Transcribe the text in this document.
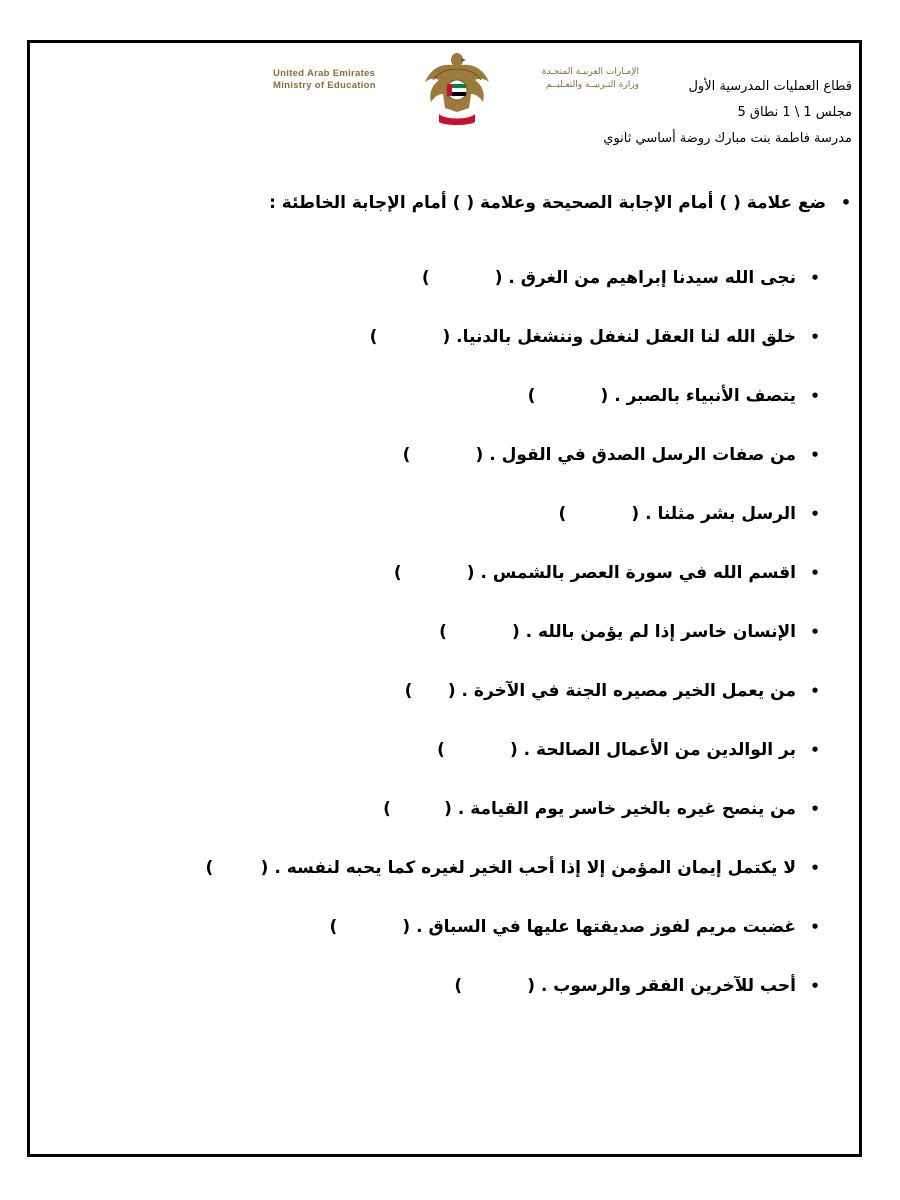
United Arab Emirates
Ministry of Education
الإمـارات العربيـة المتحـدة
وزارة التـربيــة والتعـليــم	قطاع العمليات المدرسية الأول
مجلس 1 \ 1 نطاق 5
مدرسة فاطمة بنت مبارك روضة أساسي ثانوي
• ضع علامة ( ) أمام الإجابة الصحيحة وعلامة ( ) أمام الإجابة الخاطئة :
•
نجى الله سيدنا إبراهيم من الغرق . (
)
•
خلق الله لنا العقل لنغفل وننشغل بالدنيا. (
)
•
يتصف الأنبياء بالصبر . (
)
•
من صفات الرسل الصدق في القول . (
)
•
الرسل بشر مثلنا . (
)
•
اقسم الله في سورة العصر بالشمس . (
)
•
الإنسان خاسر إذا لم يؤمن بالله . (
)
•
من يعمل الخير مصيره الجنة في الآخرة . (
)
•
بر الوالدين من الأعمال الصالحة . (
)
•
من ينصح غيره بالخير خاسر يوم القيامة . (
)
•
لا يكتمل إيمان المؤمن إلا إذا أحب الخير لغيره كما يحبه لنفسه . (
)
•
غضبت مريم لفوز صديقتها عليها في السباق . (
)
•
أحب للآخرين الفقر والرسوب . (
)
